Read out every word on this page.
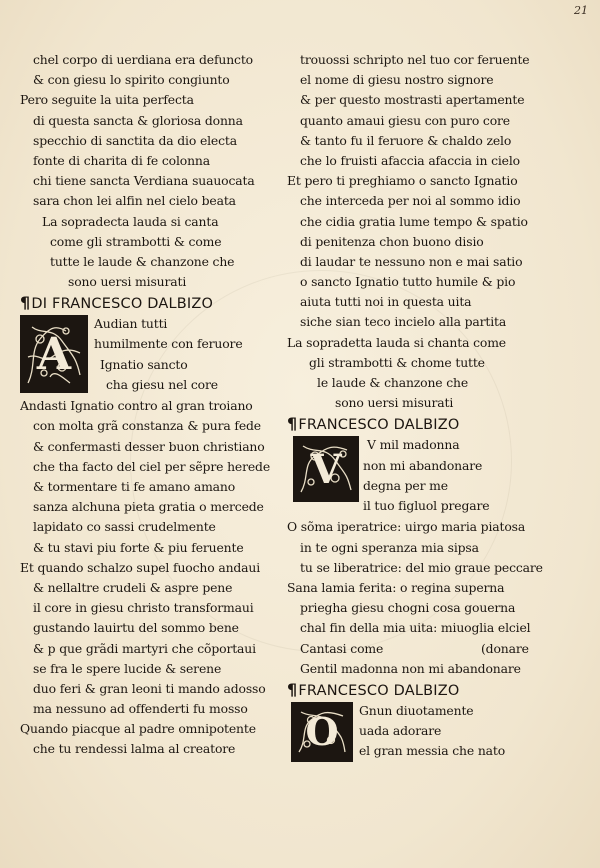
21
chel corpo di uerdiana era defuncto
& con giesu lo spirito congiunto
Pero seguite la uita perfecta
di questa sancta & gloriosa donna
specchio di sanctita da dio electa
fonte di charita di fe colonna
chi tiene sancta Verdiana suauocata
sara chon lei alfin nel cielo beata
La sopradecta lauda si canta
come gli strambotti & come
tutte le laude & chanzone che
sono uersi misurati
¶DI FRANCESCO DALBIZO
A
Audian tutti
humilmente con feruore
Ignatio sancto
cha giesu nel core
Andasti Ignatio contro al gran troiano
con molta grã constanza & pura fede
& confermasti desser buon christiano
che tha facto del ciel per sẽpre herede
& tormentare ti fe amano amano
sanza alchuna pieta gratia o mercede
lapidato co sassi crudelmente
& tu stavi piu forte & piu feruente
Et quando schalzo supel fuocho andaui
& nellaltre crudeli & aspre pene
il core in giesu christo transformaui
gustando lauirtu del sommo bene
& p que grãdi martyri che cõportaui
se fra le spere lucide & serene
duo feri & gran leoni ti mando adosso
ma nessuno ad offenderti fu mosso
Quando piacque al padre omnipotente
che tu rendessi lalma al creatore
trouossi schripto nel tuo cor feruente
el nome di giesu nostro signore
& per questo mostrasti apertamente
quanto amaui giesu con puro core
& tanto fu il feruore & chaldo zelo
che lo fruisti afaccia afaccia in cielo
Et pero ti preghiamo o sancto Ignatio
che interceda per noi al sommo idio
che cidia gratia lume tempo & spatio
di penitenza chon buono disio
di laudar te nessuno non e mai satio
o sancto Ignatio tutto humile & pio
aiuta tutti noi in questa uita
siche sian teco incielo alla partita
La sopradetta lauda si chanta come
gli strambotti & chome tutte
le laude & chanzone che
sono uersi misurati
¶FRANCESCO DALBIZO
V
V mil madonna
non mi abandonare
degna per me
il tuo figluol pregare
O sõma iperatrice: uirgo maria piatosa
in te ogni speranza mia sipsa
tu se liberatrice: del mio graue peccare
Sana lamia ferita: o regina superna
priegha giesu chogni cosa gouerna
chal fin della mia uita: miuoglia elciel
Cantasi come	(donare
Gentil madonna non mi abandonare
¶FRANCESCO DALBIZO
O	Gnun diuotamente
uada adorare
el gran messia che nato
